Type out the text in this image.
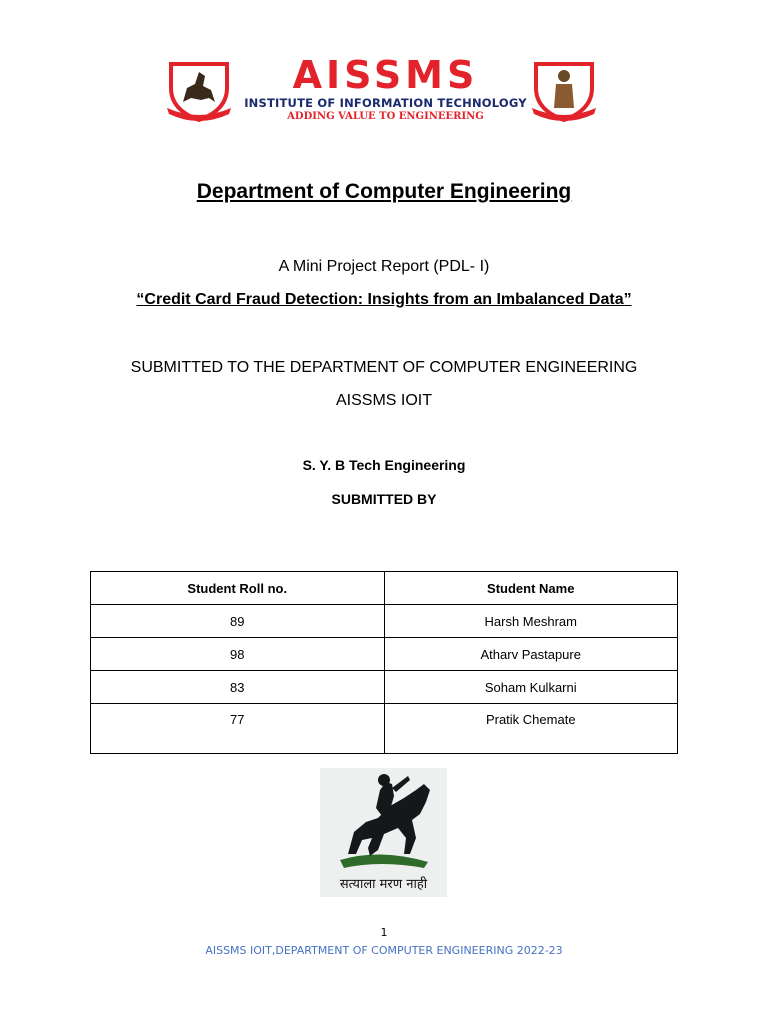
AISSMS
INSTITUTE OF INFORMATION TECHNOLOGY
ADDING VALUE TO ENGINEERING
Department of Computer Engineering
A Mini Project Report (PDL- I)
“Credit Card Fraud Detection: Insights from an Imbalanced Data”
SUBMITTED TO THE DEPARTMENT OF COMPUTER ENGINEERING
AISSMS IOIT
S. Y. B Tech Engineering
SUBMITTED BY
Student Roll no.	Student Name
89	Harsh Meshram
98	Atharv Pastapure
83	Soham Kulkarni
77	Pratik Chemate
सत्याला मरण नाही
1
AISSMS IOIT,DEPARTMENT OF COMPUTER ENGINEERING 2022-23
